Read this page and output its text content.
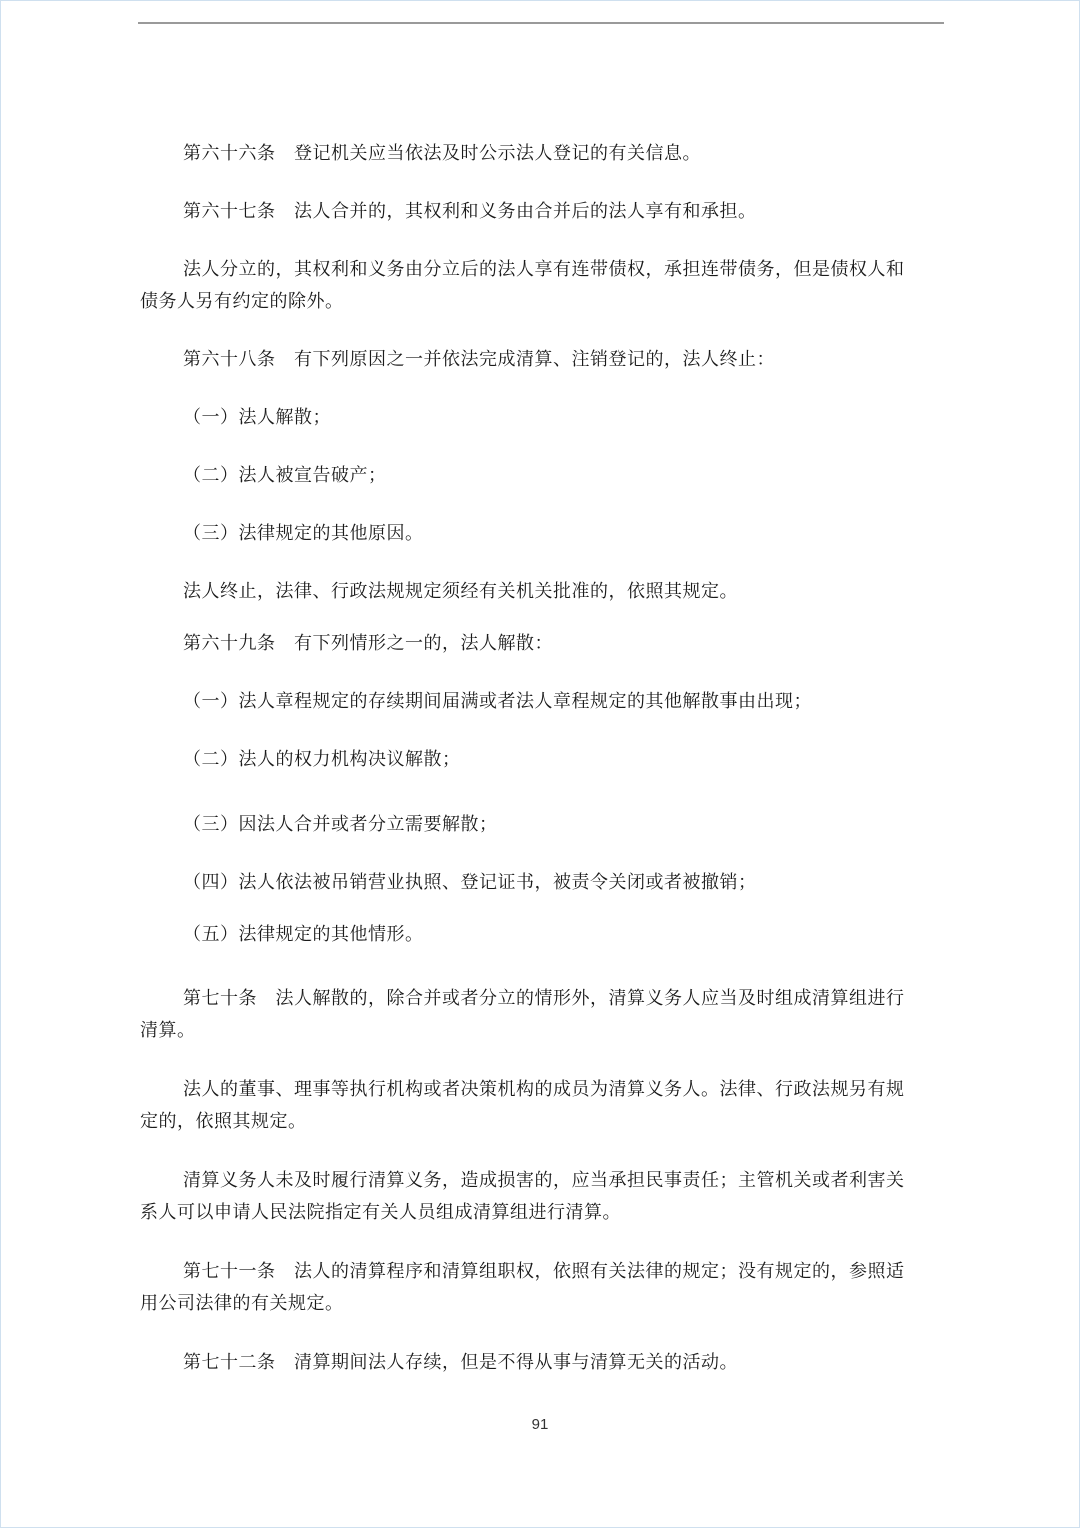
第六十六条　登记机关应当依法及时公示法人登记的有关信息。

第六十七条　法人合并的，其权利和义务由合并后的法人享有和承担。

法人分立的，其权利和义务由分立后的法人享有连带债权，承担连带债务，但是债权人和

债务人另有约定的除外。

第六十八条　有下列原因之一并依法完成清算、注销登记的，法人终止：

（一）法人解散；

（二）法人被宣告破产；

（三）法律规定的其他原因。

法人终止，法律、行政法规规定须经有关机关批准的，依照其规定。

第六十九条　有下列情形之一的，法人解散：

（一）法人章程规定的存续期间届满或者法人章程规定的其他解散事由出现；

（二）法人的权力机构决议解散；

（三）因法人合并或者分立需要解散；

（四）法人依法被吊销营业执照、登记证书，被责令关闭或者被撤销；

（五）法律规定的其他情形。

第七十条　法人解散的，除合并或者分立的情形外，清算义务人应当及时组成清算组进行

清算。

法人的董事、理事等执行机构或者决策机构的成员为清算义务人。法律、行政法规另有规

定的，依照其规定。

清算义务人未及时履行清算义务，造成损害的，应当承担民事责任；主管机关或者利害关

系人可以申请人民法院指定有关人员组成清算组进行清算。

第七十一条　法人的清算程序和清算组职权，依照有关法律的规定；没有规定的，参照适

用公司法律的有关规定。

第七十二条　清算期间法人存续，但是不得从事与清算无关的活动。

91
